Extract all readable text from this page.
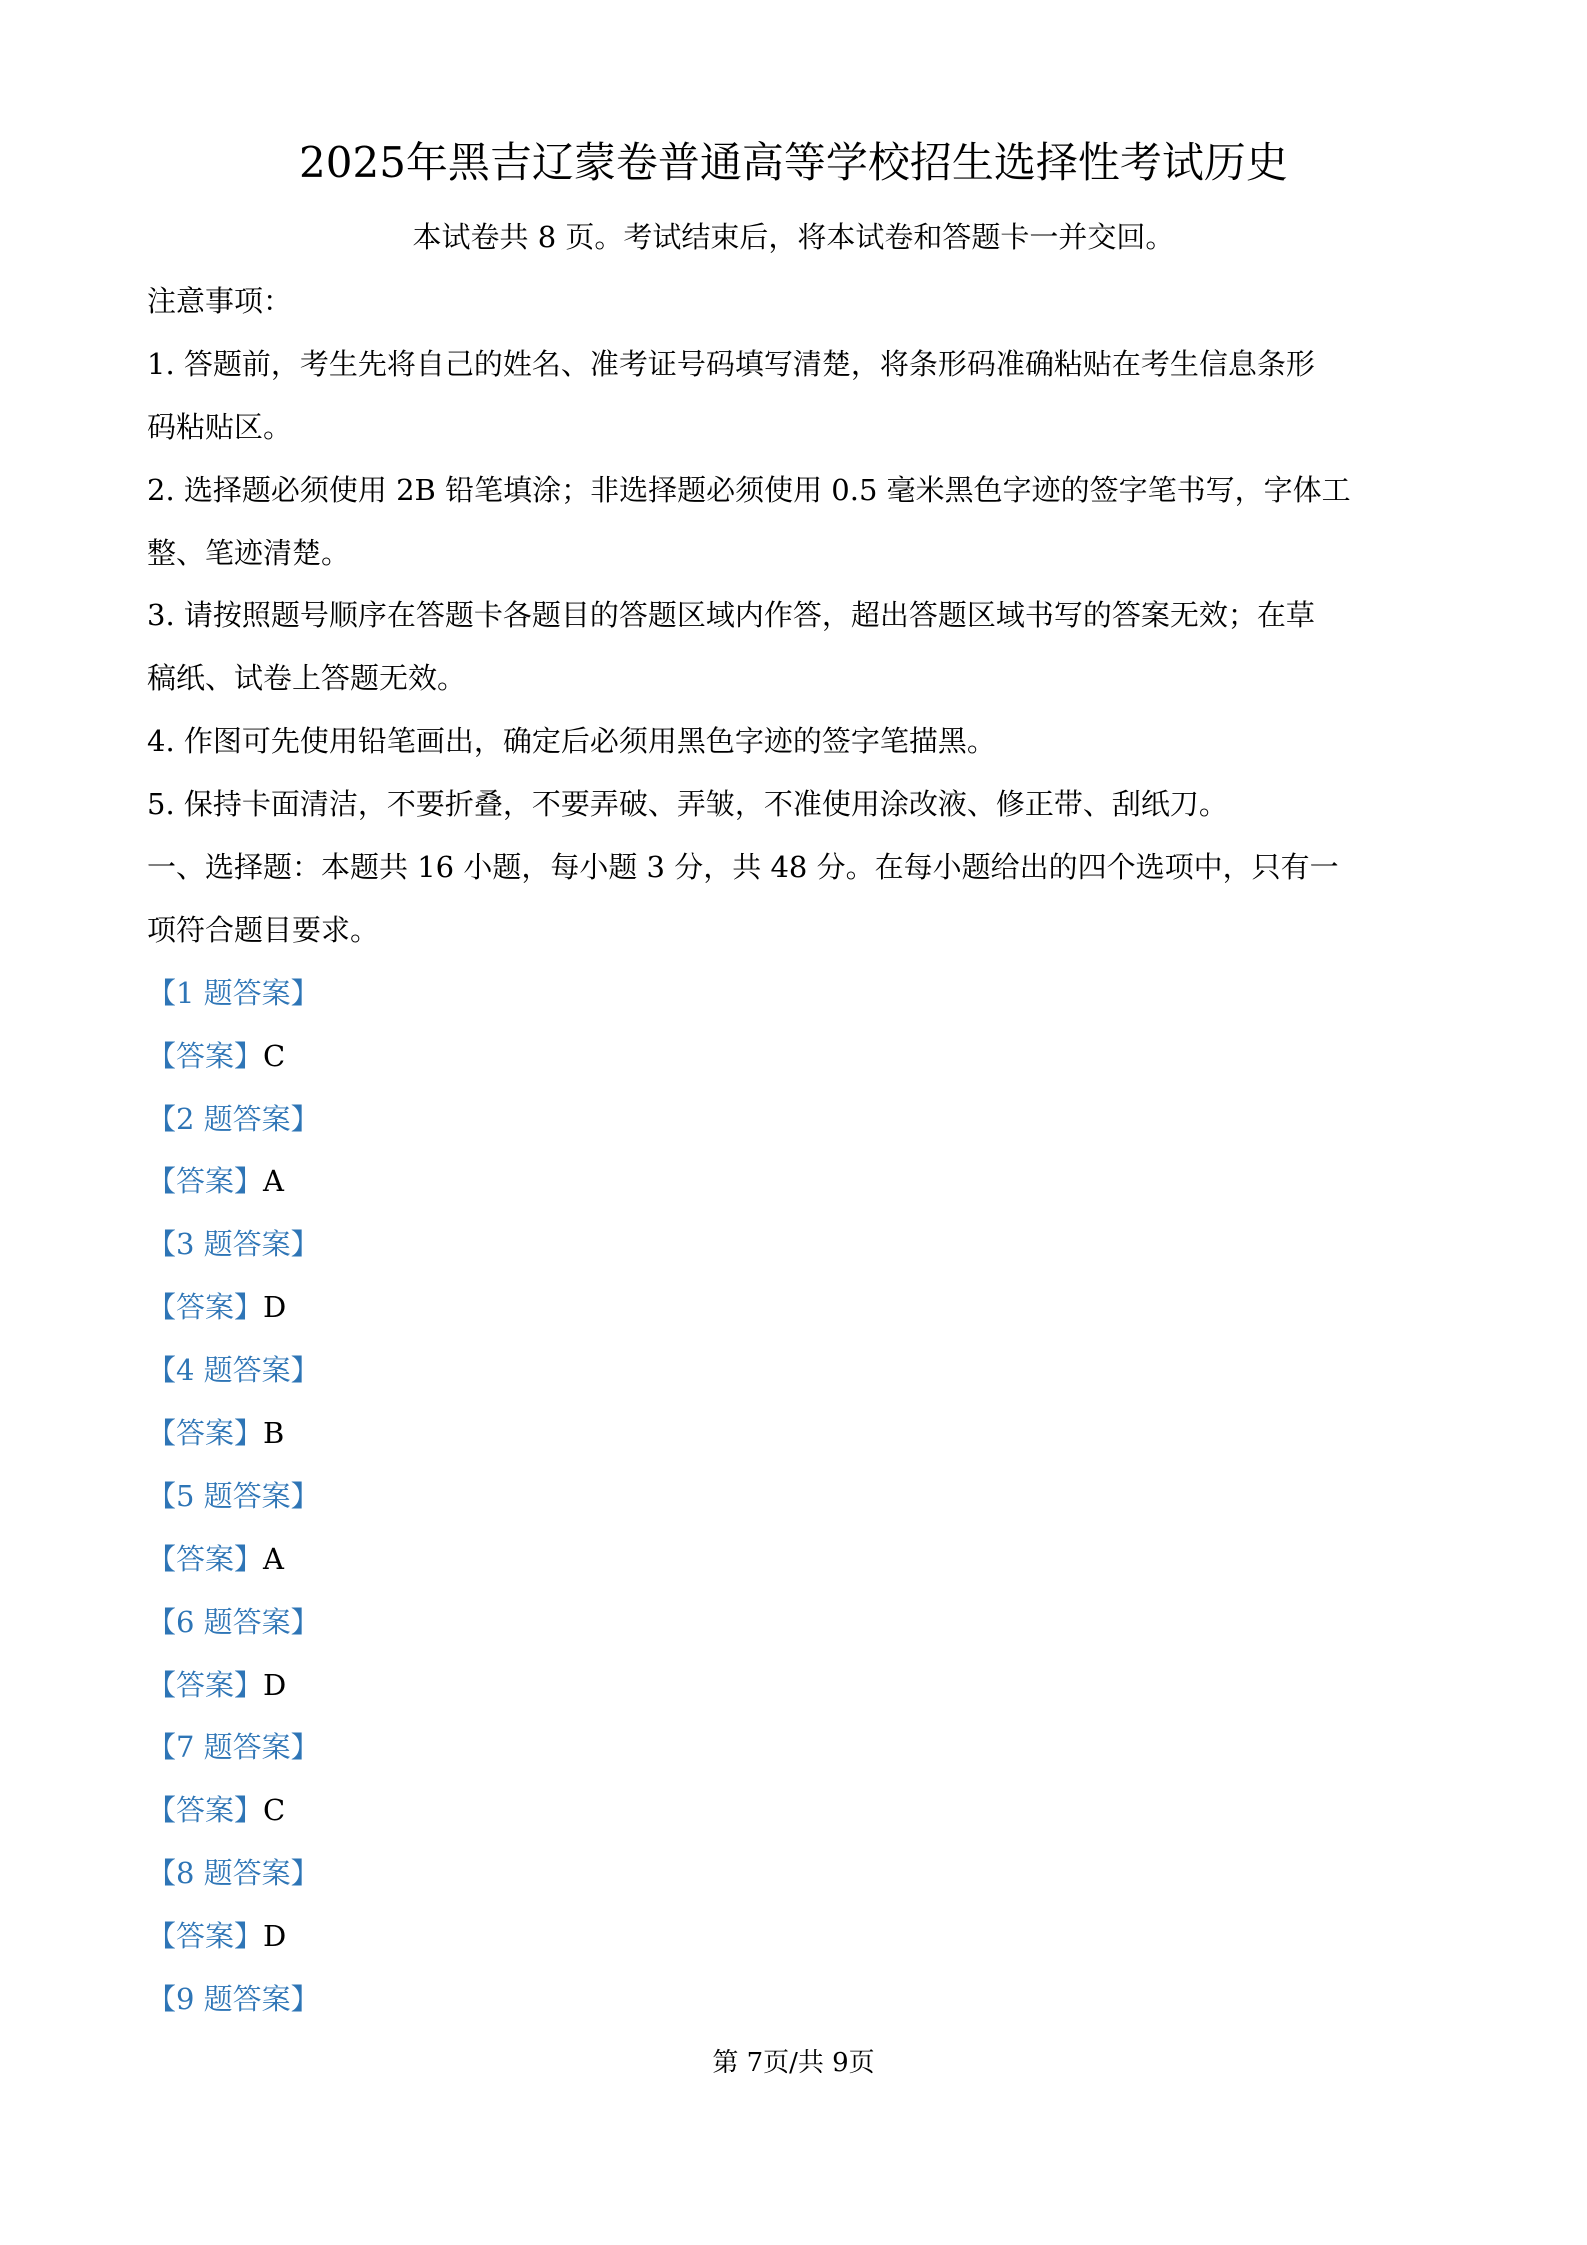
2025年黑吉辽蒙卷普通高等学校招生选择性考试历史
本试卷共 8 页。考试结束后，将本试卷和答题卡一并交回。
注意事项：
1. 答题前，考生先将自己的姓名、准考证号码填写清楚，将条形码准确粘贴在考生信息条形
码粘贴区。
2. 选择题必须使用 2B 铅笔填涂；非选择题必须使用 0.5 毫米黑色字迹的签字笔书写，字体工
整、笔迹清楚。
3. 请按照题号顺序在答题卡各题目的答题区域内作答，超出答题区域书写的答案无效；在草
稿纸、试卷上答题无效。
4. 作图可先使用铅笔画出，确定后必须用黑色字迹的签字笔描黑。
5. 保持卡面清洁，不要折叠，不要弄破、弄皱，不准使用涂改液、修正带、刮纸刀。
一、选择题：本题共 16 小题，每小题 3 分，共 48 分。在每小题给出的四个选项中，只有一
项符合题目要求。
【1 题答案】
【答案】C
【2 题答案】
【答案】A
【3 题答案】
【答案】D
【4 题答案】
【答案】B
【5 题答案】
【答案】A
【6 题答案】
【答案】D
【7 题答案】
【答案】C
【8 题答案】
【答案】D
【9 题答案】
第 7页/共 9页
